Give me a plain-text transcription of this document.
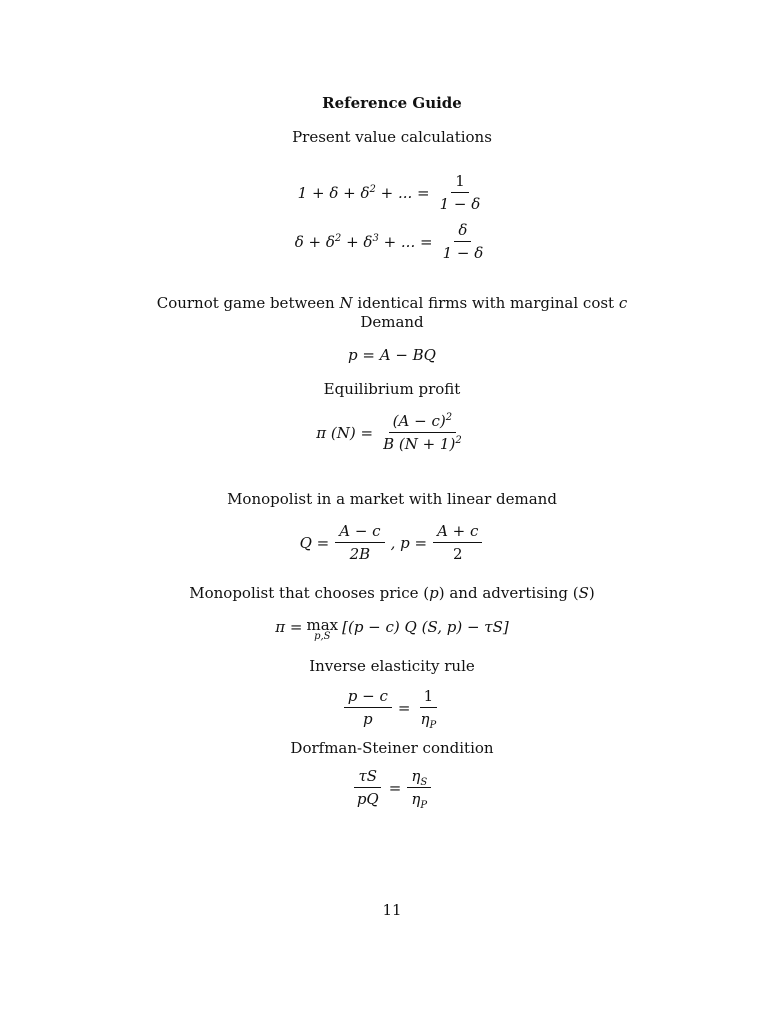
Reference Guide
Present value calculations
$1 + \delta + \delta^2$ + ... = $\frac{1}{1 - \delta}$
$\delta + \delta^2 + \delta^3$ + ... = $\frac{\delta}{1 - \delta}$
Cournot game between N identical firms with marginal cost c
Demand
p = A − BQ
Equilibrium profit
π $(N) = \frac{(A - c)^2}{B (N + 1)^2}$
Monopolist in a market with linear demand
$Q = \frac{A - c}{2B}$ , $p = \frac{A + c}{2}$
Monopolist that chooses price (p) and advertising (S)
π = max
p,S
[(p − c) Q (S, p) − τS]
Inverse elasticity rule
$\frac{p - c}{p} = \frac{1}{\eta_P}$
Dorfman-Steiner condition
$\frac{\tau S}{pQ} = \frac{\eta_S}{\eta_P}$
11
